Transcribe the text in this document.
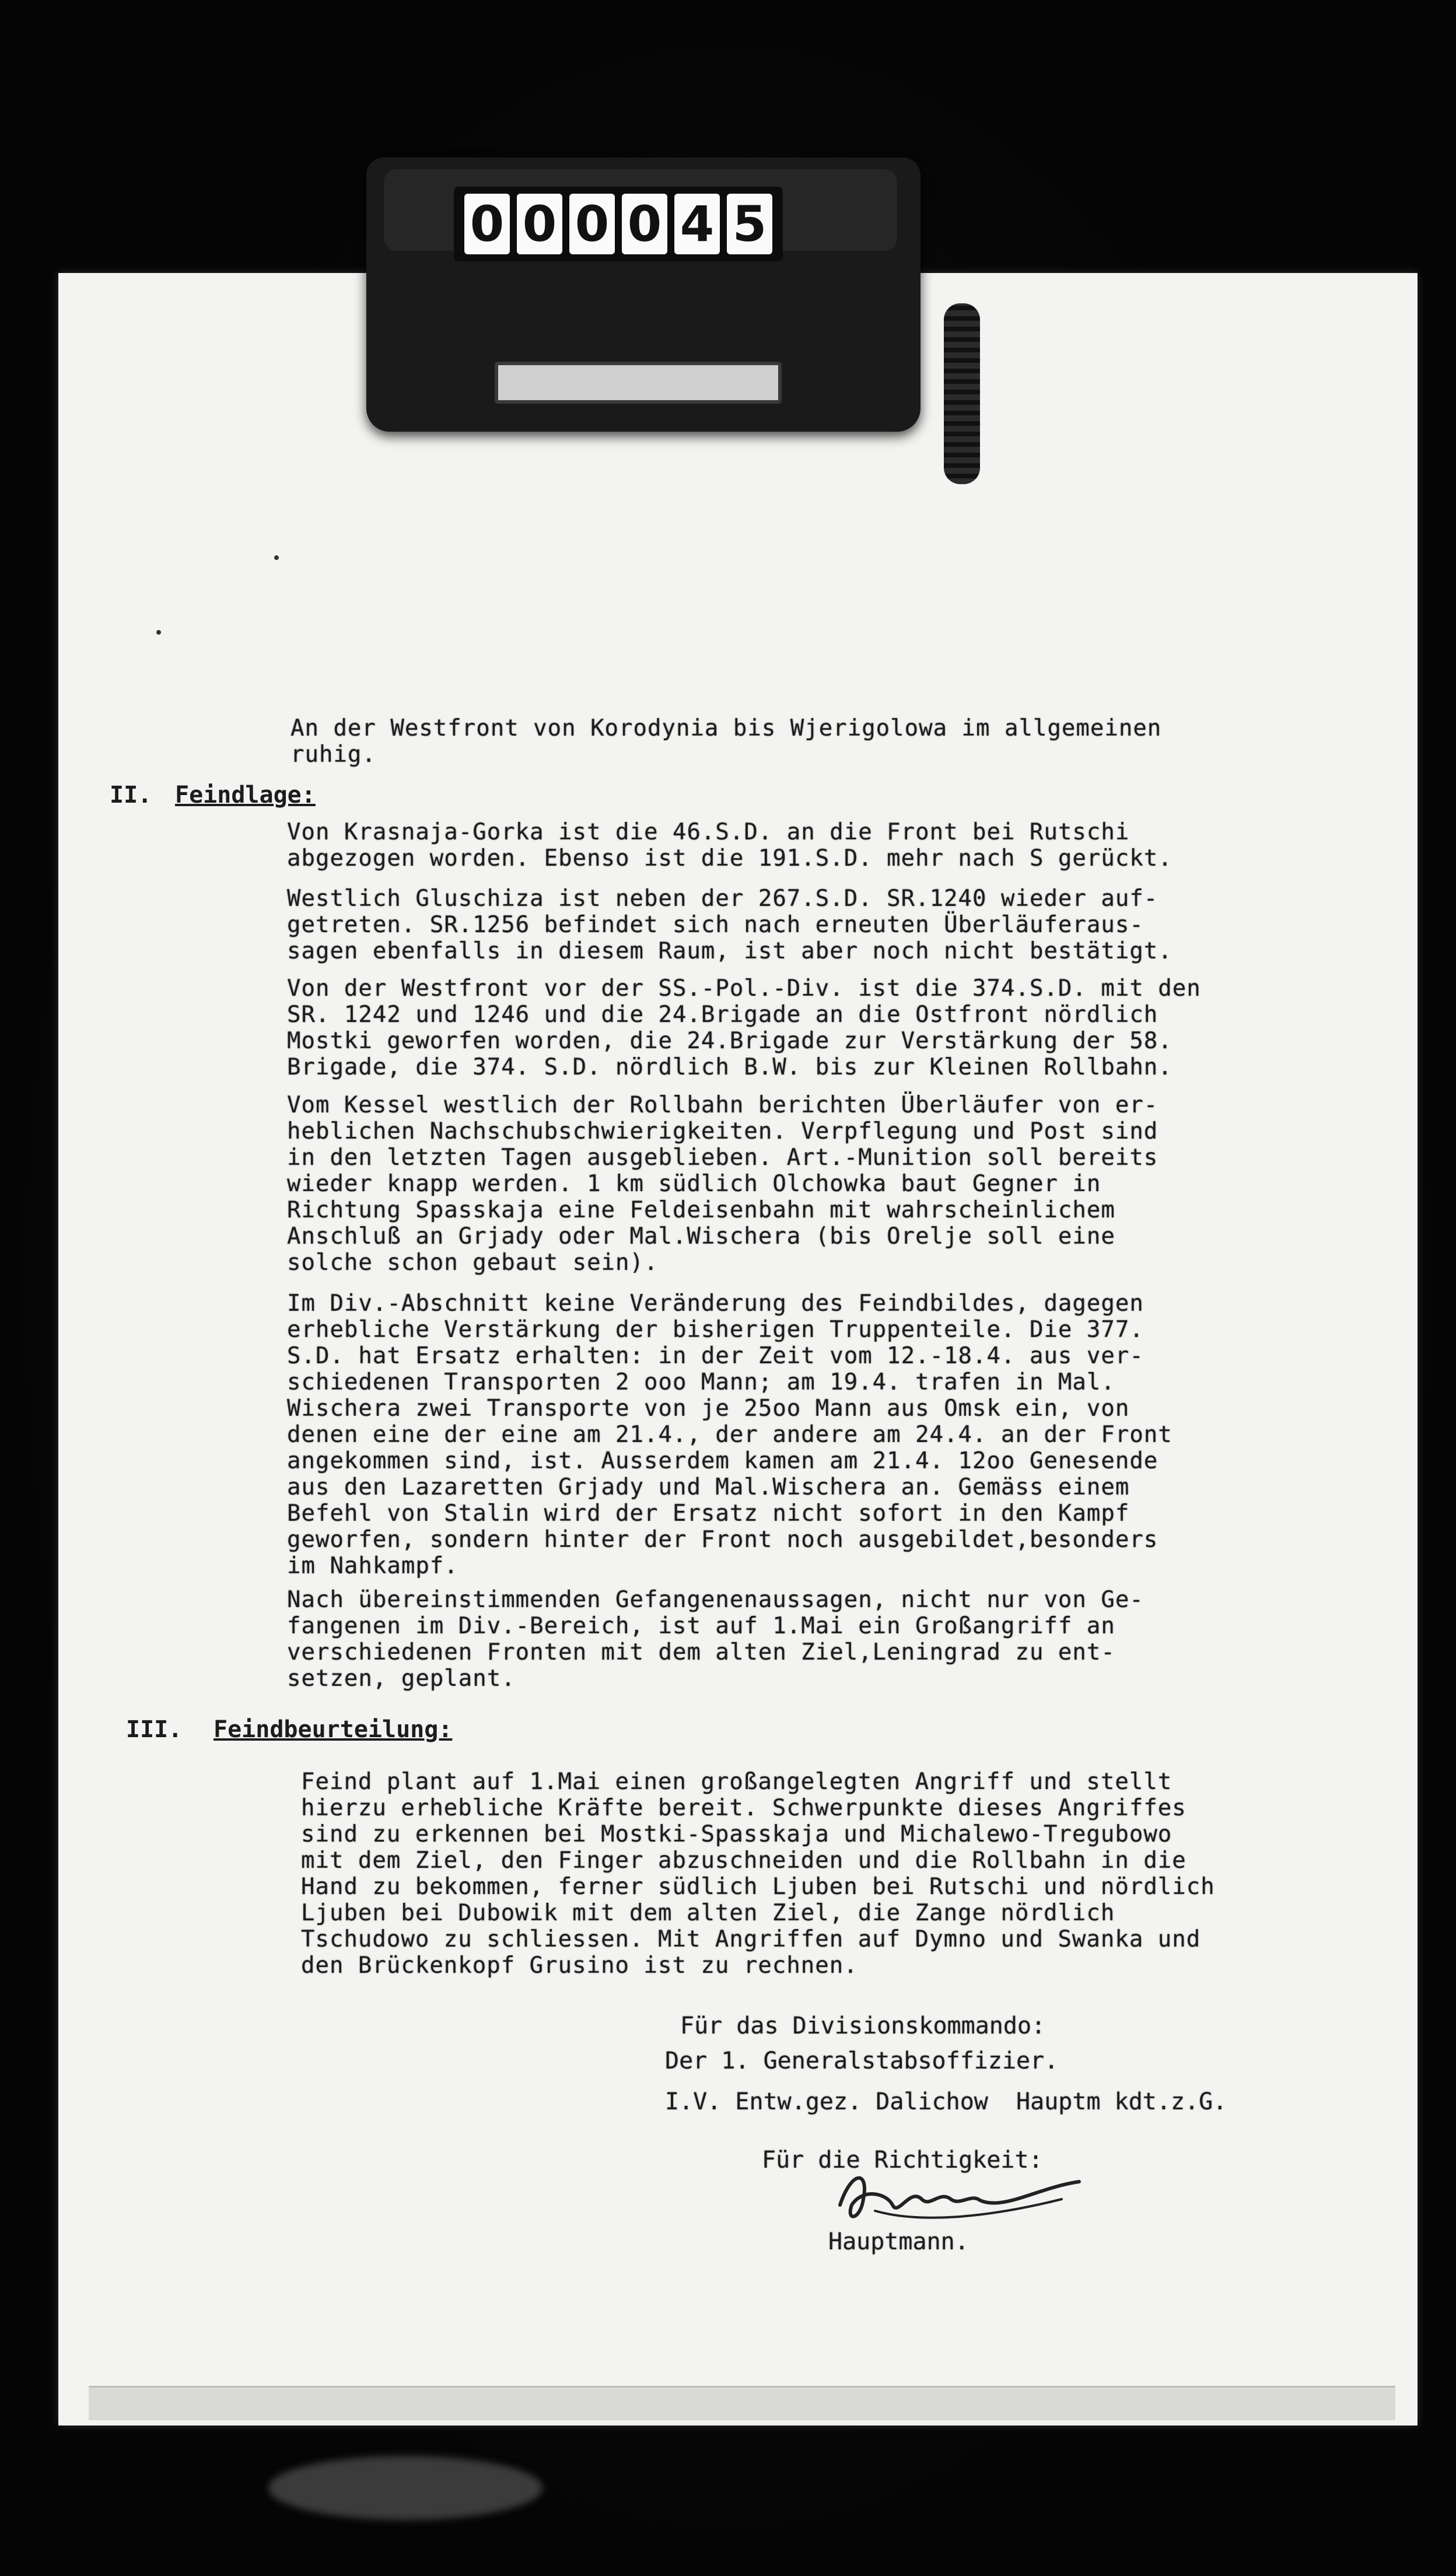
0 0 0 0 4 5
An der Westfront von Korodynia bis Wjerigolowa im allgemeinen
ruhig.
II. Feindlage:
Von Krasnaja-Gorka ist die 46.S.D. an die Front bei Rutschi
abgezogen worden. Ebenso ist die 191.S.D. mehr nach S gerückt.
Westlich Gluschiza ist neben der 267.S.D. SR.1240 wieder auf-
getreten. SR.1256 befindet sich nach erneuten Überläuferaus-
sagen ebenfalls in diesem Raum, ist aber noch nicht bestätigt.
Von der Westfront vor der SS.-Pol.-Div. ist die 374.S.D. mit den
SR. 1242 und 1246 und die 24.Brigade an die Ostfront nördlich
Mostki geworfen worden, die 24.Brigade zur Verstärkung der 58.
Brigade, die 374. S.D. nördlich B.W. bis zur Kleinen Rollbahn.
Vom Kessel westlich der Rollbahn berichten Überläufer von er-
heblichen Nachschubschwierigkeiten. Verpflegung und Post sind
in den letzten Tagen ausgeblieben. Art.-Munition soll bereits
wieder knapp werden. 1 km südlich Olchowka baut Gegner in
Richtung Spasskaja eine Feldeisenbahn mit wahrscheinlichem
Anschluß an Grjady oder Mal.Wischera (bis Orelje soll eine
solche schon gebaut sein).
Im Div.-Abschnitt keine Veränderung des Feindbildes, dagegen
erhebliche Verstärkung der bisherigen Truppenteile. Die 377.
S.D. hat Ersatz erhalten: in der Zeit vom 12.-18.4. aus ver-
schiedenen Transporten 2 ooo Mann; am 19.4. trafen in Mal.
Wischera zwei Transporte von je 25oo Mann aus Omsk ein, von
denen eine der eine am 21.4., der andere am 24.4. an der Front
angekommen sind, ist. Ausserdem kamen am 21.4. 12oo Genesende
aus den Lazaretten Grjady und Mal.Wischera an. Gemäss einem
Befehl von Stalin wird der Ersatz nicht sofort in den Kampf
geworfen, sondern hinter der Front noch ausgebildet,besonders
im Nahkampf.
Nach übereinstimmenden Gefangenenaussagen, nicht nur von Ge-
fangenen im Div.-Bereich, ist auf 1.Mai ein Großangriff an
verschiedenen Fronten mit dem alten Ziel,Leningrad zu ent-
setzen, geplant.
III. Feindbeurteilung:
Feind plant auf 1.Mai einen großangelegten Angriff und stellt
hierzu erhebliche Kräfte bereit. Schwerpunkte dieses Angriffes
sind zu erkennen bei Mostki-Spasskaja und Michalewo-Tregubowo
mit dem Ziel, den Finger abzuschneiden und die Rollbahn in die
Hand zu bekommen, ferner südlich Ljuben bei Rutschi und nördlich
Ljuben bei Dubowik mit dem alten Ziel, die Zange nördlich
Tschudowo zu schliessen. Mit Angriffen auf Dymno und Swanka und
den Brückenkopf Grusino ist zu rechnen.
Für das Divisionskommando:
Der 1. Generalstabsoffizier.
I.V. Entw.gez. Dalichow  Hauptm kdt.z.G.
Für die Richtigkeit:
Hauptmann.
